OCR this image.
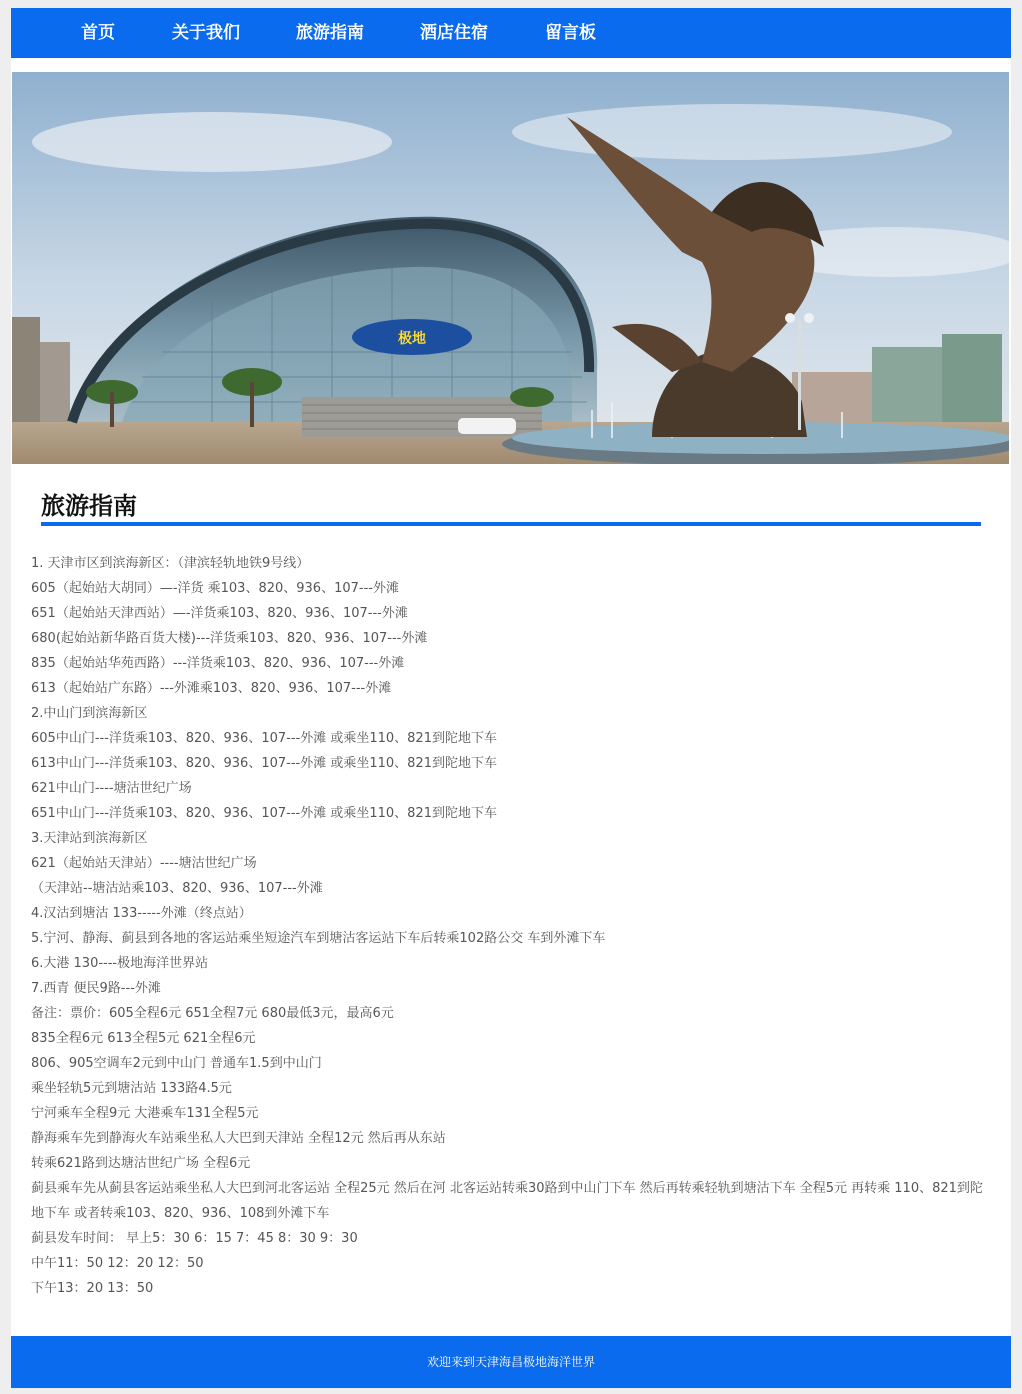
首页	关于我们	旅游指南	酒店住宿	留言板
极地
旅游指南

1. 天津市区到滨海新区：（津滨轻轨地铁9号线）

605（起始站大胡同）—-洋货 乘103、820、936、107---外滩

651（起始站天津西站）—-洋货乘103、820、936、107---外滩

680(起始站新华路百货大楼)---洋货乘103、820、936、107---外滩

835（起始站华苑西路）---洋货乘103、820、936、107---外滩

613（起始站广东路）---外滩乘103、820、936、107---外滩

2.中山门到滨海新区

605中山门---洋货乘103、820、936、107---外滩 或乘坐110、821到陀地下车

613中山门---洋货乘103、820、936、107---外滩 或乘坐110、821到陀地下车

621中山门----塘沽世纪广场

651中山门---洋货乘103、820、936、107---外滩 或乘坐110、821到陀地下车

3.天津站到滨海新区

621（起始站天津站）----塘沽世纪广场

（天津站--塘沽站乘103、820、936、107---外滩

4.汉沽到塘沽 133-----外滩（终点站）

5.宁河、静海、蓟县到各地的客运站乘坐短途汽车到塘沽客运站下车后转乘102路公交 车到外滩下车

6.大港 130----极地海洋世界站

7.西青 便民9路---外滩

备注：票价：605全程6元 651全程7元 680最低3元，最高6元

835全程6元 613全程5元 621全程6元

806、905空调车2元到中山门 普通车1.5到中山门

乘坐轻轨5元到塘沽站 133路4.5元

宁河乘车全程9元 大港乘车131全程5元

静海乘车先到静海火车站乘坐私人大巴到天津站 全程12元 然后再从东站

转乘621路到达塘沽世纪广场 全程6元

蓟县乘车先从蓟县客运站乘坐私人大巴到河北客运站 全程25元 然后在河 北客运站转乘30路到中山门下车 然后再转乘轻轨到塘沽下车 全程5元 再转乘 110、821到陀地下车 或者转乘103、820、936、108到外滩下车

蓟县发车时间： 早上5：30 6：15 7：45 8：30 9：30

中午11：50 12：20 12：50

下午13：20 13：50

欢迎来到天津海昌极地海洋世界
